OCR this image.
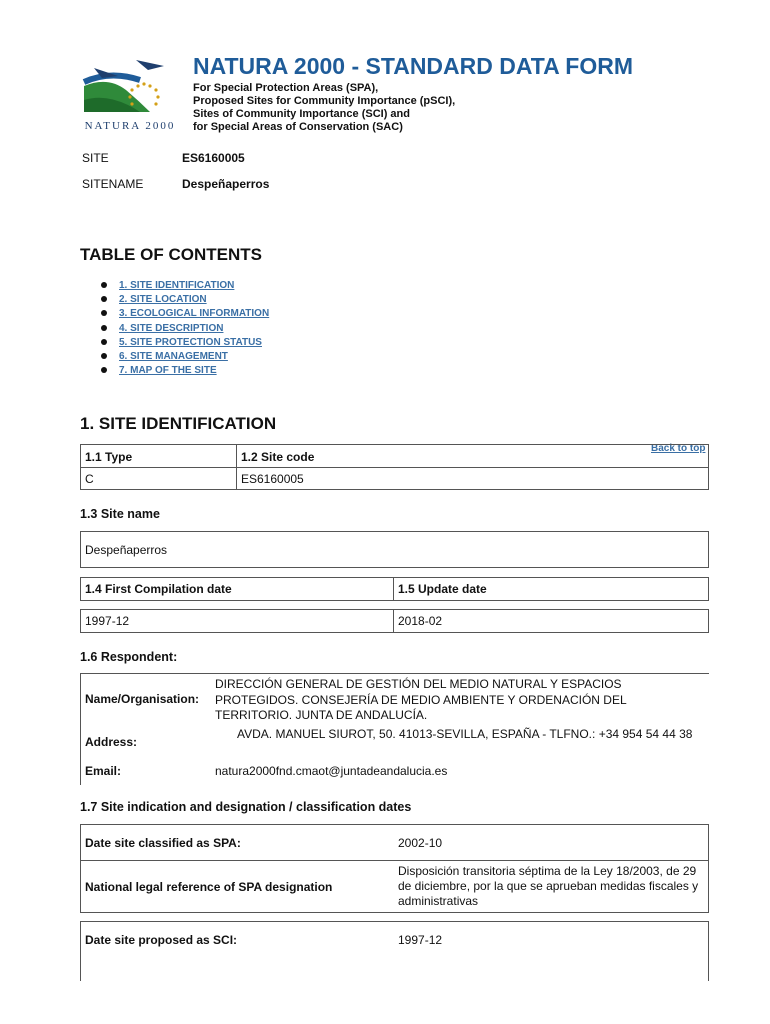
NATURA 2000
NATURA 2000 - STANDARD DATA FORM
For Special Protection Areas (SPA),
Proposed Sites for Community Importance (pSCI),
Sites of Community Importance (SCI) and
for Special Areas of Conservation (SAC)
SITE	ES6160005
SITENAME	Despeñaperros
TABLE OF CONTENTS
1. SITE IDENTIFICATION
2. SITE LOCATION
3. ECOLOGICAL INFORMATION
4. SITE DESCRIPTION
5. SITE PROTECTION STATUS
6. SITE MANAGEMENT
7. MAP OF THE SITE
1. SITE IDENTIFICATION
Back to top
1.1 Type	1.2 Site code
C	ES6160005
1.3 Site name
Despeñaperros
1.4 First Compilation date	1.5 Update date
1997-12	2018-02
1.6 Respondent:
Name/Organisation:
DIRECCIÓN GENERAL DE GESTIÓN DEL MEDIO NATURAL Y ESPACIOS PROTEGIDOS. CONSEJERÍA DE MEDIO AMBIENTE Y ORDENACIÓN DEL TERRITORIO. JUNTA DE ANDALUCÍA.
Address:
AVDA. MANUEL SIUROT, 50. 41013-SEVILLA, ESPAÑA - TLFNO.: +34 954 54 44 38
Email:	natura2000fnd.cmaot@juntadeandalucia.es
1.7 Site indication and designation / classification dates
Date site classified as SPA:	2002-10
National legal reference of SPA designation
Disposición transitoria séptima de la Ley 18/2003, de 29 de diciembre, por la que se aprueban medidas fiscales y administrativas
Date site proposed as SCI:	1997-12
